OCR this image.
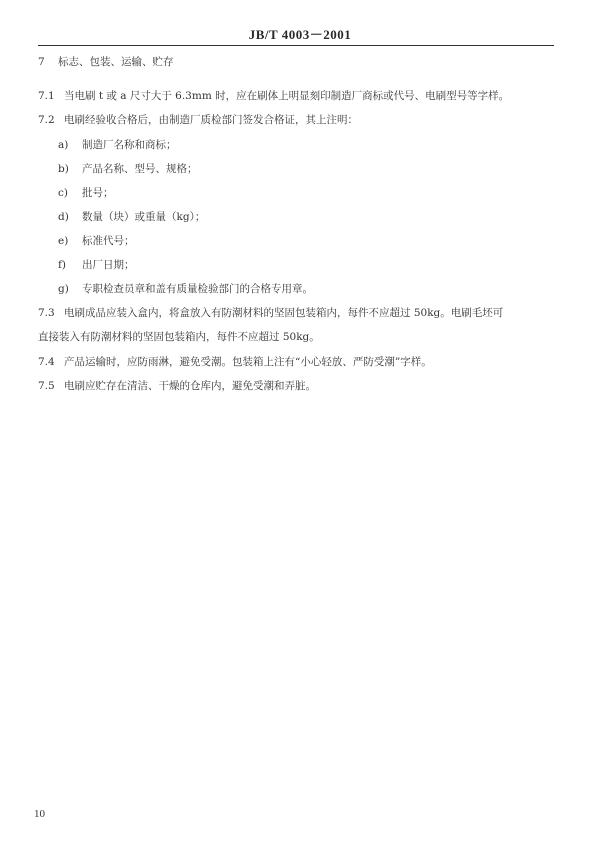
JB/T 4003－2001
7 标志、包装、运输、贮存
7.1 当电刷 t 或 a 尺寸大于 6.3mm 时，应在刷体上明显刻印制造厂商标或代号、电刷型号等字样。
7.2 电刷经验收合格后，由制造厂质检部门签发合格证，其上注明：
a) 制造厂名称和商标；
b) 产品名称、型号、规格；
c) 批号；
d) 数量（块）或重量（kg）；
e) 标准代号；
f) 出厂日期；
g) 专职检查员章和盖有质量检验部门的合格专用章。
7.3 电刷成品应装入盒内，将盒放入有防潮材料的坚固包装箱内，每件不应超过 50kg。电刷毛坯可
直接装入有防潮材料的坚固包装箱内，每件不应超过 50kg。
7.4 产品运输时，应防雨淋，避免受潮。包装箱上注有“小心轻放、严防受潮”字样。
7.5 电刷应贮存在清洁、干燥的仓库内，避免受潮和弄脏。
10
